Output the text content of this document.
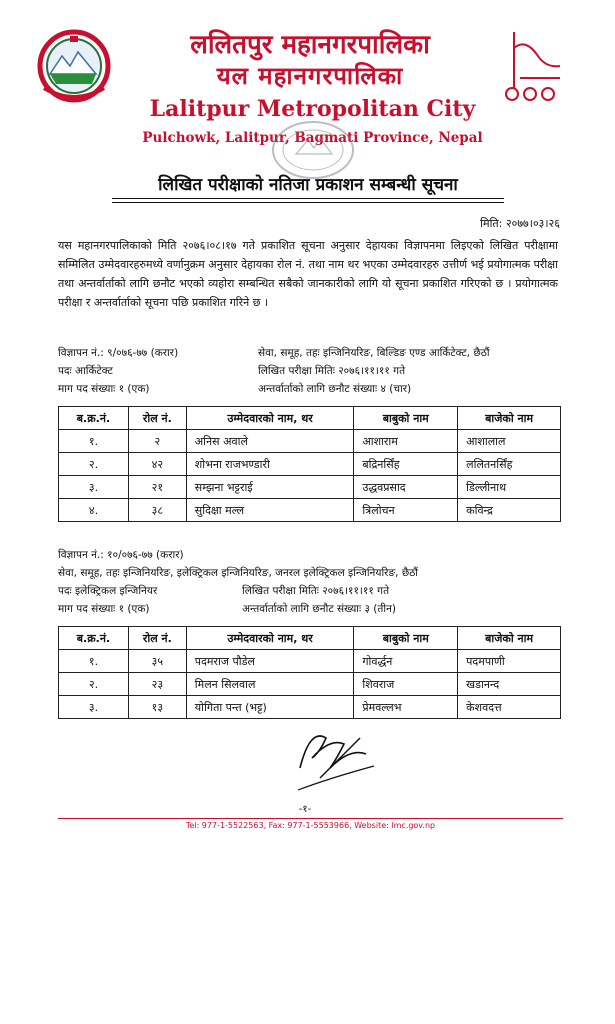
ललितपुर महानगरपालिका
यल महानगरपालिका
Lalitpur Metropolitan City
Pulchowk, Lalitpur, Bagmati Province, Nepal
लिखित परीक्षाको नतिजा प्रकाशन सम्बन्धी सूचना
मिति: २०७७।०३।२६
यस महानगरपालिकाको मिति २०७६।०८।१७ गते प्रकाशित सूचना अनुसार देहायका विज्ञापनमा लिइएको लिखित परीक्षामा सम्मिलित उम्मेदवारहरुमध्ये वर्णानुक्रम अनुसार देहायका रोल नं. तथा नाम थर भएका उम्मेदवारहरु उत्तीर्ण भई प्रयोगात्मक परीक्षा तथा अन्तर्वार्ताको लागि छनौट भएको व्यहोरा सम्बन्धित सबैको जानकारीको लागि यो सूचना प्रकाशित गरिएको छ । प्रयोगात्मक परीक्षा र अन्तर्वार्ताको सूचना पछि प्रकाशित गरिने छ ।
विज्ञापन नं.: ९/०७६-७७ (करार)	सेवा, समूह, तहः इन्जिनियरिङ, बिल्डिङ एण्ड आर्किटेक्ट, छैठौं
पदः आर्किटेक्ट	लिखित परीक्षा मितिः २०७६।११।११ गते
माग पद संख्याः १ (एक)	अन्तर्वार्ताको लागि छनौट संख्याः ४ (चार)
ब.क्र.नं.	रोल नं.	उम्मेदवारको नाम, थर	बाबुको नाम	बाजेको नाम
१.	२	अनिस अवाले	आशाराम	आशालाल
२.	४२	शोभना राजभण्डारी	बद्रिनर्सिंह	ललितनर्सिंह
३.	२१	सम्झना भट्टराई	उद्धवप्रसाद	डिल्लीनाथ
४.	३८	सुदिक्षा मल्ल	त्रिलोचन	कविन्द्र
विज्ञापन नं.: १०/०७६-७७ (करार)
सेवा, समूह, तहः इन्जिनियरिङ, इलेक्ट्रिकल इन्जिनियरिङ, जनरल इलेक्ट्रिकल इन्जिनियरिङ, छैठौं
पदः इलेक्ट्रिकल इन्जिनियर	लिखित परीक्षा मितिः २०७६।११।११ गते
माग पद संख्याः १ (एक)	अन्तर्वार्ताको लागि छनौट संख्याः ३ (तीन)
ब.क्र.नं.	रोल नं.	उम्मेदवारको नाम, थर	बाबुको नाम	बाजेको नाम
१.	३५	पदमराज पौडेल	गोवर्द्धन	पदमपाणी
२.	२३	मिलन सिलवाल	शिवराज	खडानन्द
३.	१३	योगिता पन्त (भट्ट)	प्रेमवल्लभ	केशवदत्त
-१-
Tel: 977-1-5522563, Fax: 977-1-5553966, Website: lmc.gov.np
